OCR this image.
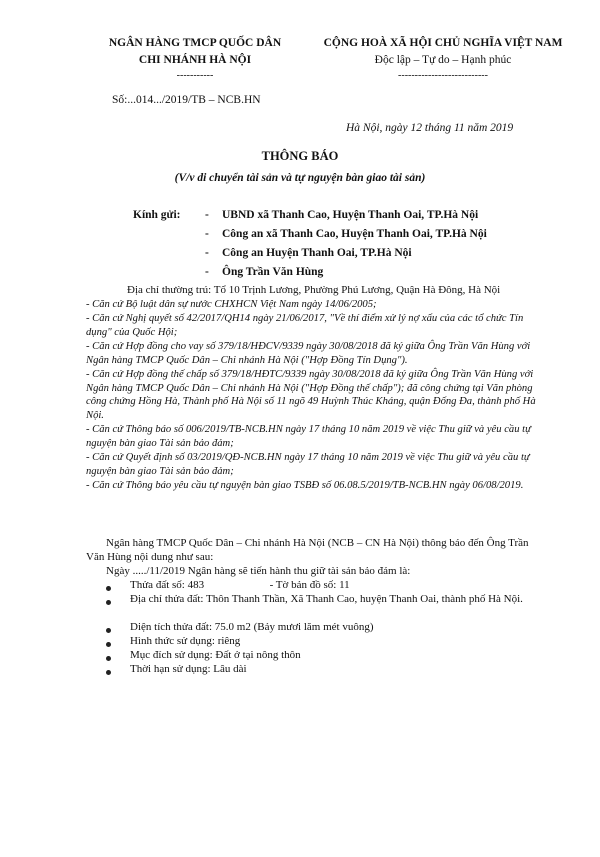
NGÂN HÀNG TMCP QUỐC DÂN
CHI NHÁNH HÀ NỘI
-----------
CỘNG HOÀ XÃ HỘI CHỦ NGHĨA VIỆT NAM
Độc lập – Tự do – Hạnh phúc
---------------------------
Số:...014.../2019/TB – NCB.HN
Hà Nội, ngày 12 tháng 11 năm 2019
THÔNG BÁO
(V/v di chuyển tài sản và tự nguyện bàn giao tài sản)
Kính gửi: - UBND xã Thanh Cao, Huyện Thanh Oai, TP.Hà Nội
- Công an xã Thanh Cao, Huyện Thanh Oai, TP.Hà Nội
- Công an Huyện Thanh Oai, TP.Hà Nội
- Ông Trần Văn Hùng
Địa chỉ thường trú: Tổ 10 Trịnh Lương, Phường Phú Lương, Quận Hà Đông, Hà Nội
- Căn cứ Bộ luật dân sự nước CHXHCN Việt Nam ngày 14/06/2005;
- Căn cứ Nghị quyết số 42/2017/QH14 ngày 21/06/2017, "Về thí điểm xử lý nợ xấu của các tổ chức Tín dụng" của Quốc Hội;
- Căn cứ Hợp đồng cho vay số 379/18/HĐCV/9339 ngày 30/08/2018 đã ký giữa Ông Trần Văn Hùng với Ngân hàng TMCP Quốc Dân – Chi nhánh Hà Nội ("Hợp Đồng Tín Dụng").
- Căn cứ Hợp đồng thế chấp số 379/18/HĐTC/9339 ngày 30/08/2018 đã ký giữa Ông Trần Văn Hùng với Ngân hàng TMCP Quốc Dân – Chi nhánh Hà Nội ("Hợp Đồng thế chấp"); đã công chứng tại Văn phòng công chứng Hồng Hà, Thành phố Hà Nội số 11 ngõ 49 Huỳnh Thúc Kháng, quận Đống Đa, thành phố Hà Nội.
- Căn cứ Thông báo số 006/2019/TB-NCB.HN ngày 17 tháng 10 năm 2019 về việc Thu giữ và yêu cầu tự nguyện bàn giao Tài sản bảo đảm;
- Căn cứ Quyết định số 03/2019/QĐ-NCB.HN ngày 17 tháng 10 năm 2019 về việc Thu giữ và yêu cầu tự nguyện bàn giao Tài sản bảo đảm;
- Căn cứ Thông báo yêu cầu tự nguyện bàn giao TSBĐ số 06.08.5/2019/TB-NCB.HN ngày 06/08/2019.
Ngân hàng TMCP Quốc Dân – Chi nhánh Hà Nội (NCB – CN Hà Nội) thông báo đến Ông Trần Văn Hùng nội dung như sau:
Ngày ...../11/2019 Ngân hàng sẽ tiến hành thu giữ tài sản bảo đảm là:
Thửa đất số: 483	- Tờ bản đồ số: 11
Địa chỉ thửa đất: Thôn Thanh Thần, Xã Thanh Cao, huyện Thanh Oai, thành phố Hà Nội.
Diện tích thửa đất: 75.0 m2 (Bảy mươi lăm mét vuông)
Hình thức sử dụng: riêng
Mục đích sử dụng: Đất ở tại nông thôn
Thời hạn sử dụng: Lâu dài
